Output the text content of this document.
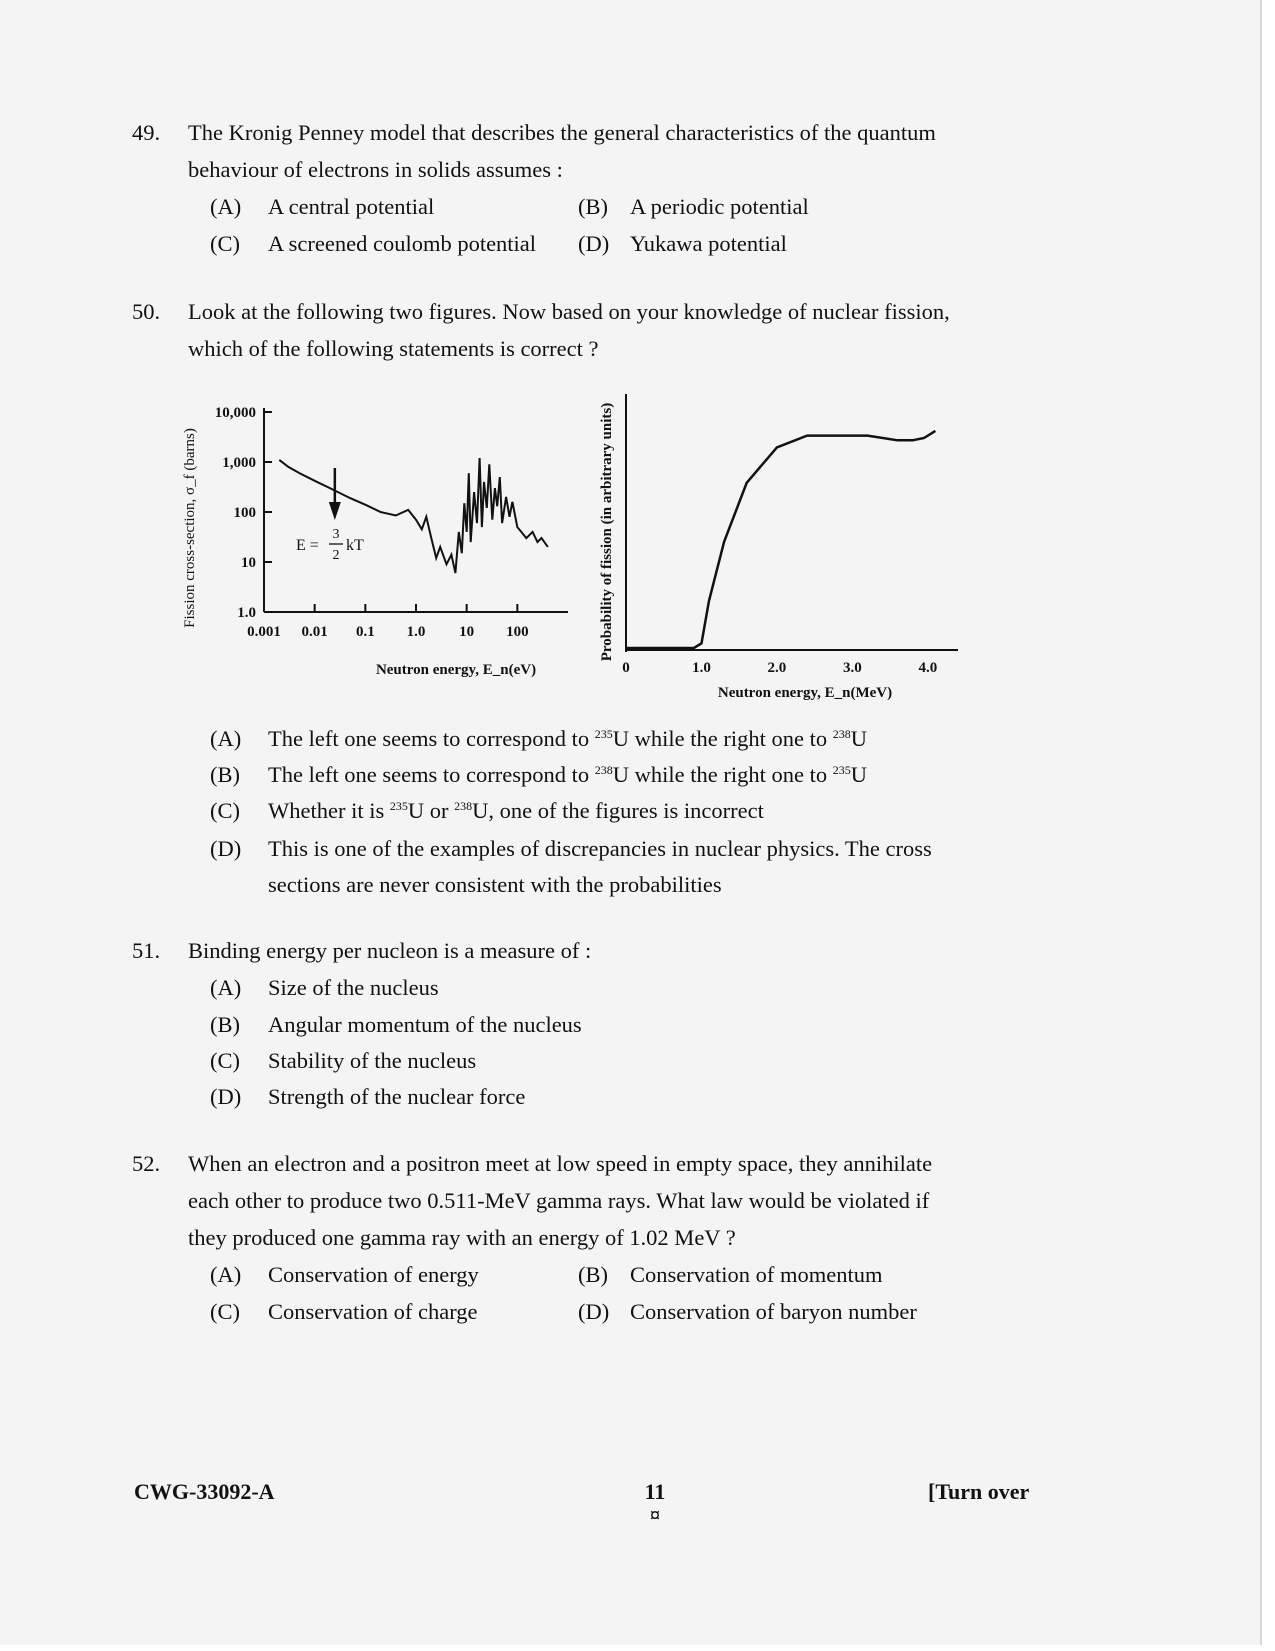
49.	The Kronig Penney model that describes the general characteristics of the quantum
behaviour of electrons in solids assumes :
(A) A central potential	(B) A periodic potential
(C) A screened coulomb potential (D) Yukawa potential
50.	Look at the following two figures. Now based on your knowledge of nuclear fission,
which of the following statements is correct ?
Fission cross-section, σ_f (barns)
0.001 0.01 0.1 1.0 10 100
1.0
10
100
1,000
10,000
E =
3
2
kT
Neutron energy, E_n(eV)
Probability of fission (in arbitrary units)
0	1.0	2.0	3.0	4.0
Neutron energy, E_n(MeV)
(A) The left one seems to correspond to $^{235}$U while the right one to $^{238}$U
(B) The left one seems to correspond to $^{238}$U while the right one to $^{235}$U
(C) Whether it is $^{235}$U or $^{238}$U, one of the figures is incorrect
(D) This is one of the examples of discrepancies in nuclear physics. The cross
sections are never consistent with the probabilities
51.	Binding energy per nucleon is a measure of :
(A) Size of the nucleus
(B) Angular momentum of the nucleus
(C) Stability of the nucleus
(D) Strength of the nuclear force
52.	When an electron and a positron meet at low speed in empty space, they annihilate
each other to produce two 0.511-MeV gamma rays. What law would be violated if
they produced one gamma ray with an energy of 1.02 MeV ?
(A) Conservation of energy	(B) Conservation of momentum
(C) Conservation of charge	(D) Conservation of baryon number
CWG-33092-A	11
¤
[Turn over
